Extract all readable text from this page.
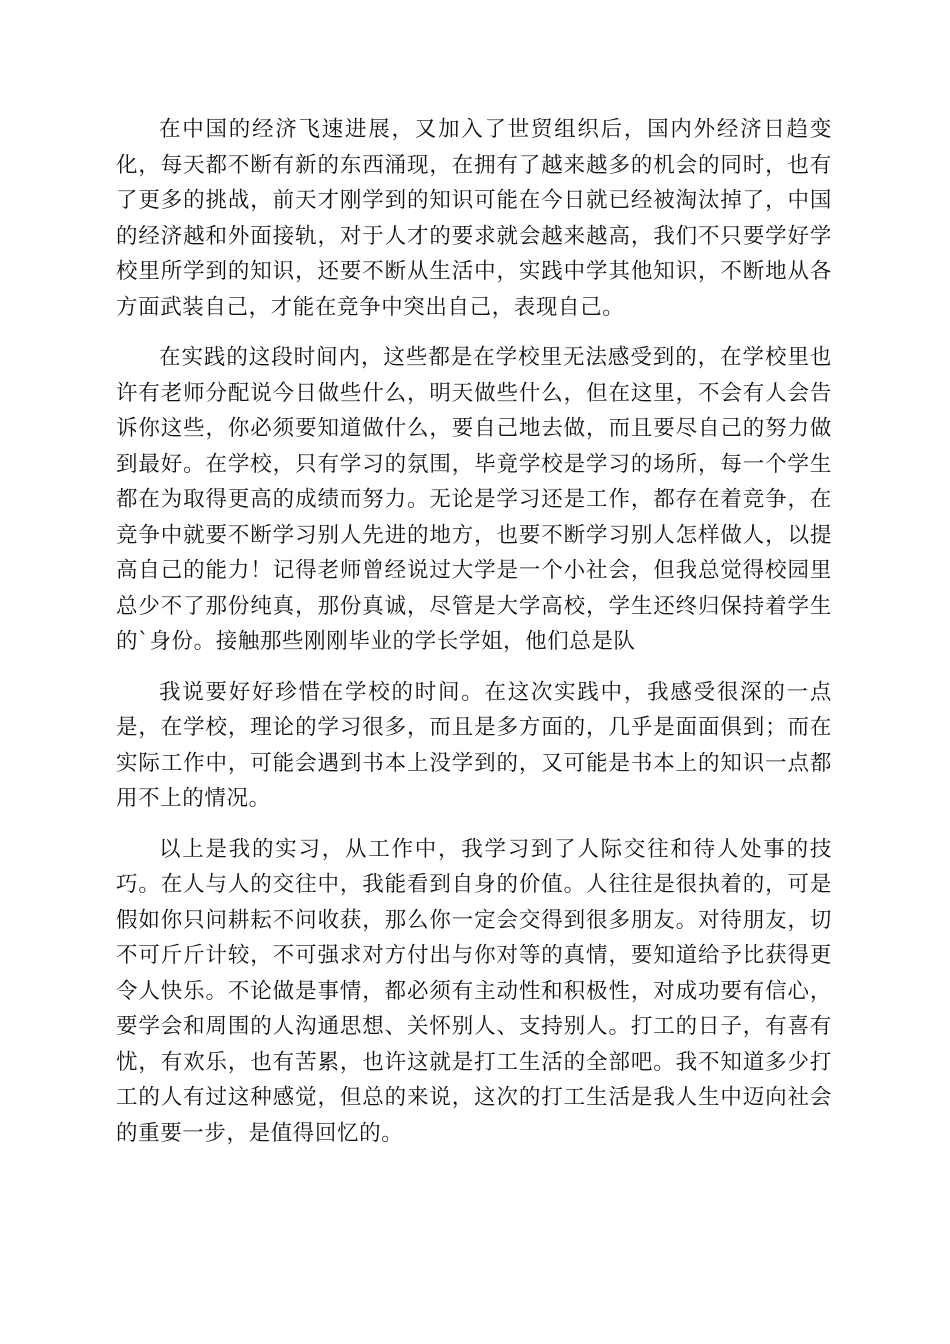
在中国的经济飞速进展，又加入了世贸组织后，国内外经济日趋变化，每天都不断有新的东西涌现，在拥有了越来越多的机会的同时，也有了更多的挑战，前天才刚学到的知识可能在今日就已经被淘汰掉了，中国的经济越和外面接轨，对于人才的要求就会越来越高，我们不只要学好学校里所学到的知识，还要不断从生活中，实践中学其他知识，不断地从各方面武装自己，才能在竞争中突出自己，表现自己。

在实践的这段时间内，这些都是在学校里无法感受到的，在学校里也许有老师分配说今日做些什么，明天做些什么，但在这里，不会有人会告诉你这些，你必须要知道做什么，要自己地去做，而且要尽自己的努力做到最好。在学校，只有学习的氛围，毕竟学校是学习的场所，每一个学生都在为取得更高的成绩而努力。无论是学习还是工作，都存在着竞争，在竞争中就要不断学习别人先进的地方，也要不断学习别人怎样做人，以提高自己的能力！记得老师曾经说过大学是一个小社会，但我总觉得校园里总少不了那份纯真，那份真诚，尽管是大学高校，学生还终归保持着学生的`身份。接触那些刚刚毕业的学长学姐，他们总是队

我说要好好珍惜在学校的时间。在这次实践中，我感受很深的一点是，在学校，理论的学习很多，而且是多方面的，几乎是面面俱到；而在实际工作中，可能会遇到书本上没学到的，又可能是书本上的知识一点都用不上的情况。

以上是我的实习，从工作中，我学习到了人际交往和待人处事的技巧。在人与人的交往中，我能看到自身的价值。人往往是很执着的，可是假如你只问耕耘不问收获，那么你一定会交得到很多朋友。对待朋友，切不可斤斤计较，不可强求对方付出与你对等的真情，要知道给予比获得更令人快乐。不论做是事情，都必须有主动性和积极性，对成功要有信心，要学会和周围的人沟通思想、关怀别人、支持别人。打工的日子，有喜有忧，有欢乐，也有苦累，也许这就是打工生活的全部吧。我不知道多少打工的人有过这种感觉，但总的来说，这次的打工生活是我人生中迈向社会的重要一步，是值得回忆的。
